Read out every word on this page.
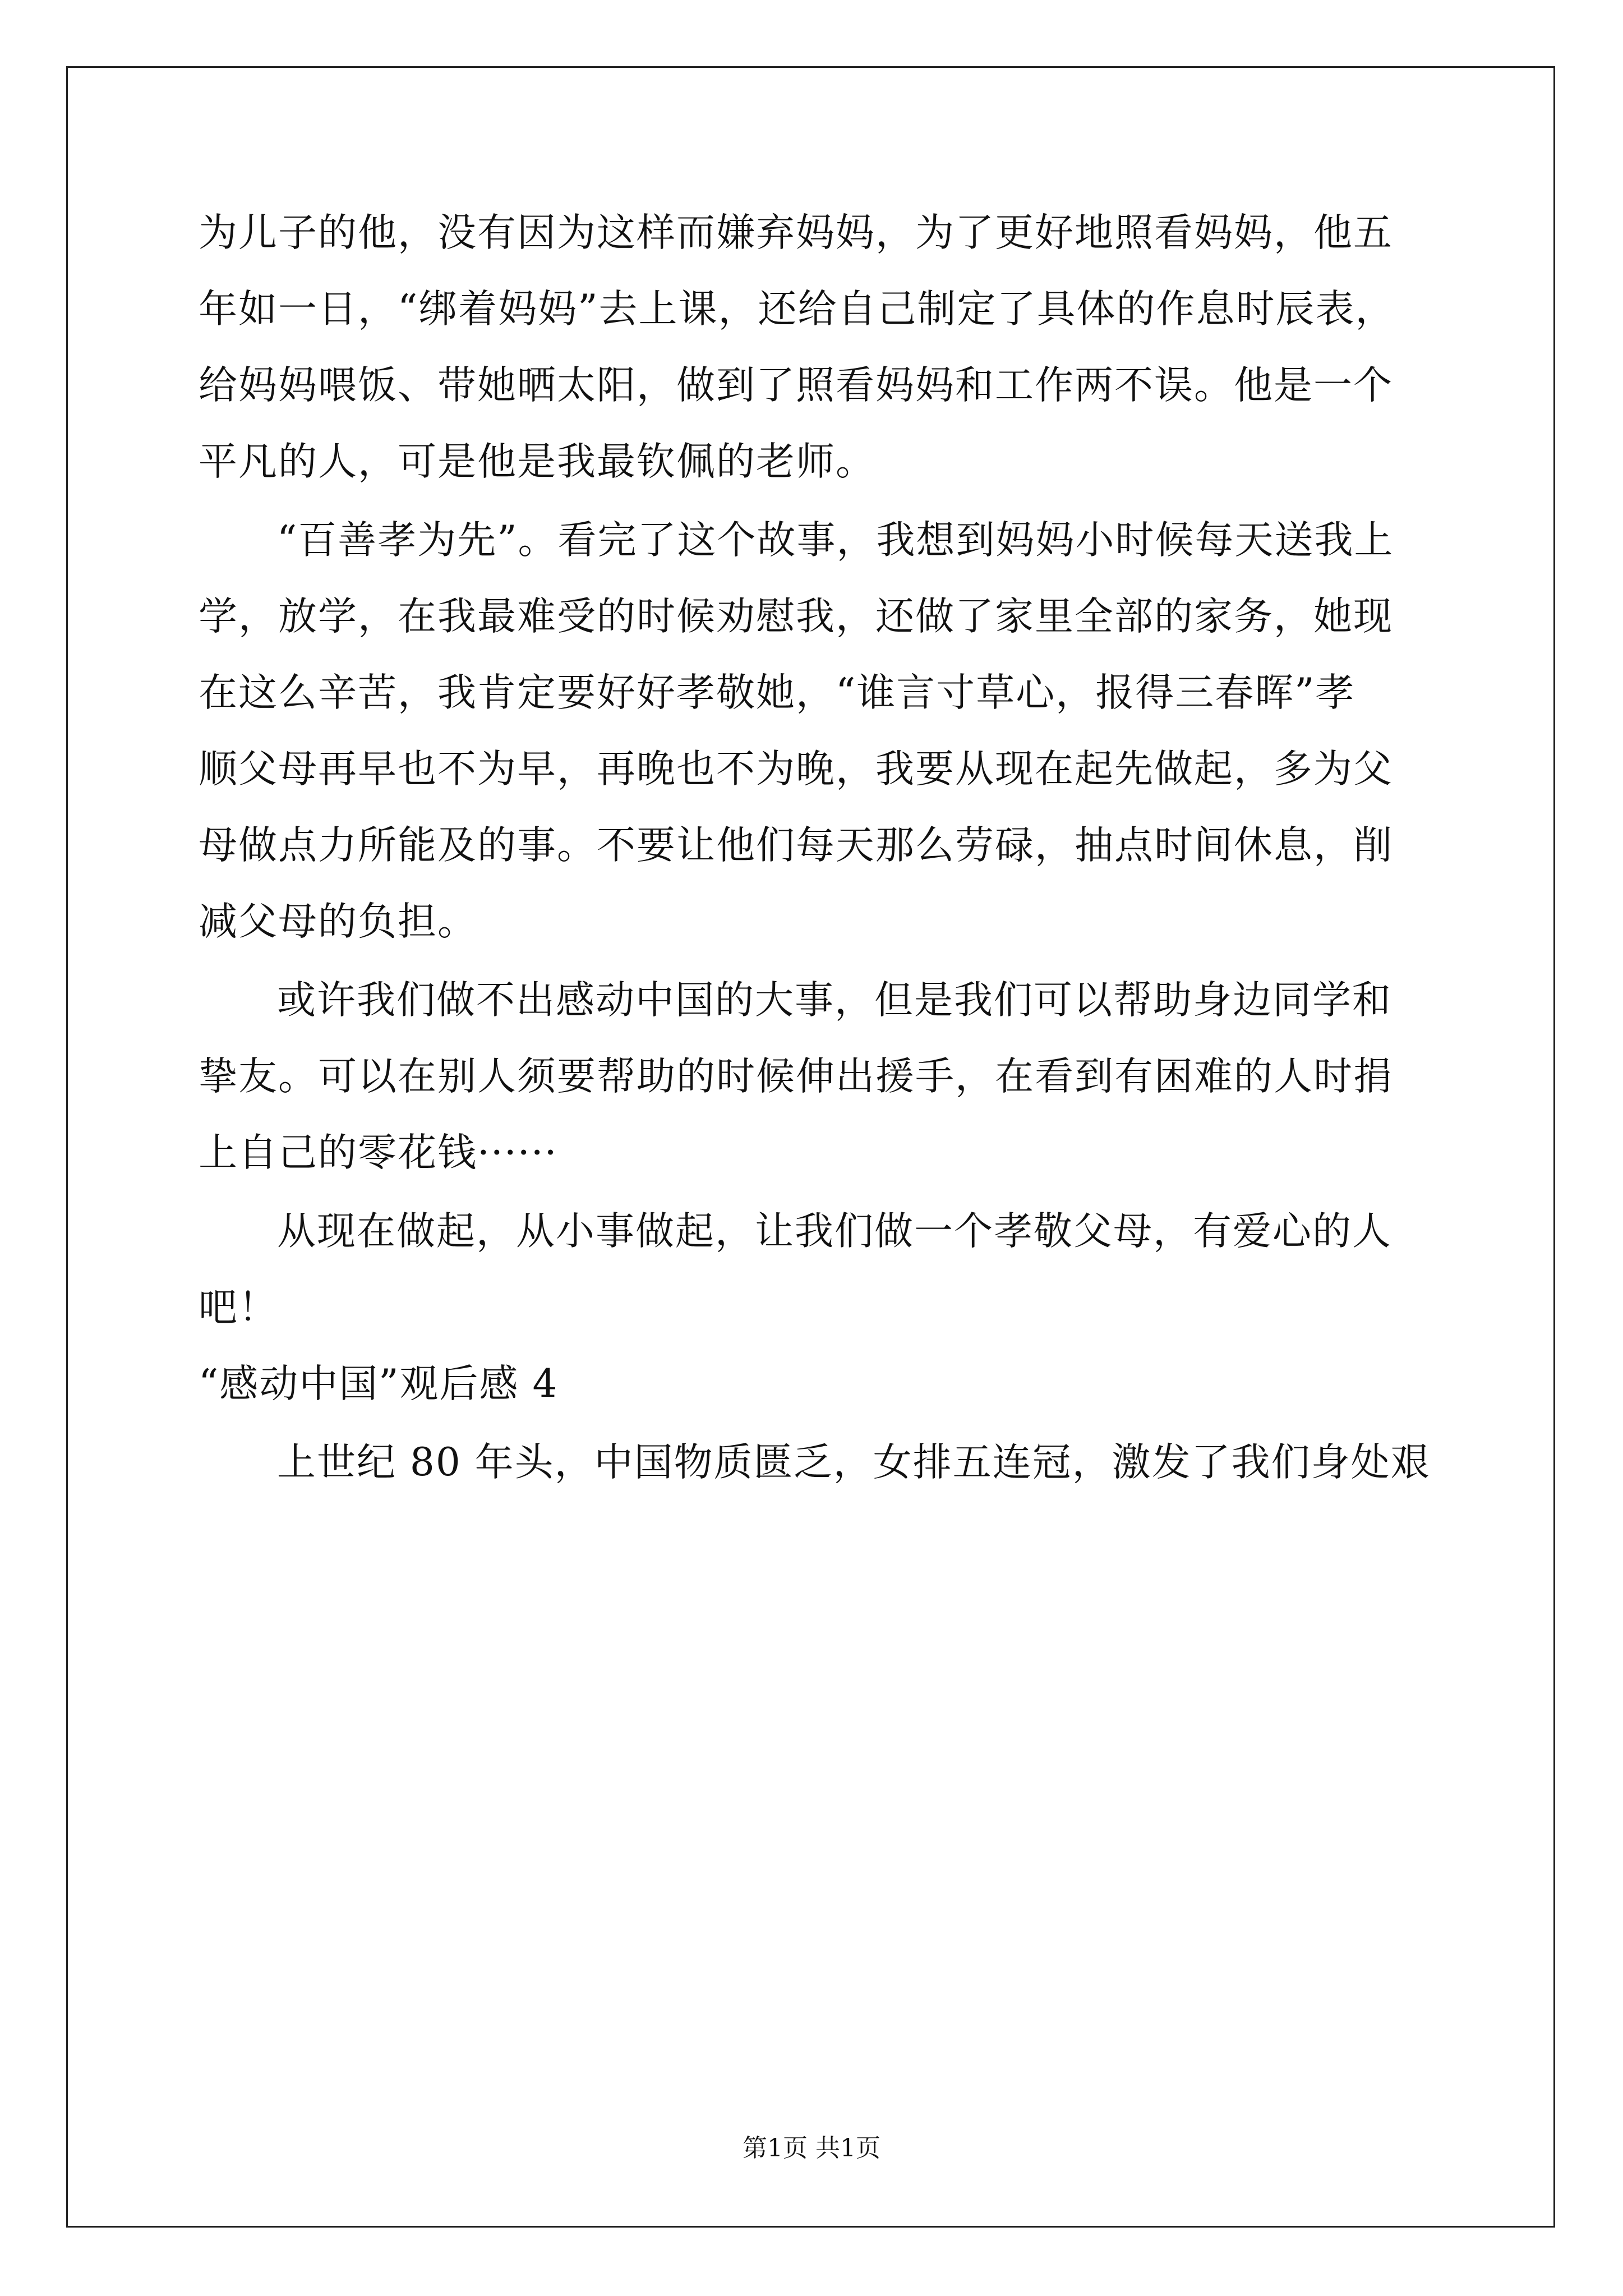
为儿子的他，没有因为这样而嫌弃妈妈，为了更好地照看妈妈，他五
年如一日，“绑着妈妈”去上课，还给自己制定了具体的作息时辰表，
给妈妈喂饭、带她晒太阳，做到了照看妈妈和工作两不误。他是一个
平凡的人，可是他是我最钦佩的老师。
“百善孝为先”。看完了这个故事，我想到妈妈小时候每天送我上
学，放学，在我最难受的时候劝慰我，还做了家里全部的家务，她现
在这么辛苦，我肯定要好好孝敬她，“谁言寸草心，报得三春晖”孝
顺父母再早也不为早，再晚也不为晚，我要从现在起先做起，多为父
母做点力所能及的事。不要让他们每天那么劳碌，抽点时间休息，削
减父母的负担。
或许我们做不出感动中国的大事，但是我们可以帮助身边同学和
挚友。可以在别人须要帮助的时候伸出援手，在看到有困难的人时捐
上自己的零花钱······
从现在做起，从小事做起，让我们做一个孝敬父母，有爱心的人
吧！
“感动中国”观后感 4
上世纪 80 年头，中国物质匮乏，女排五连冠，激发了我们身处艰
第1页 共1页
